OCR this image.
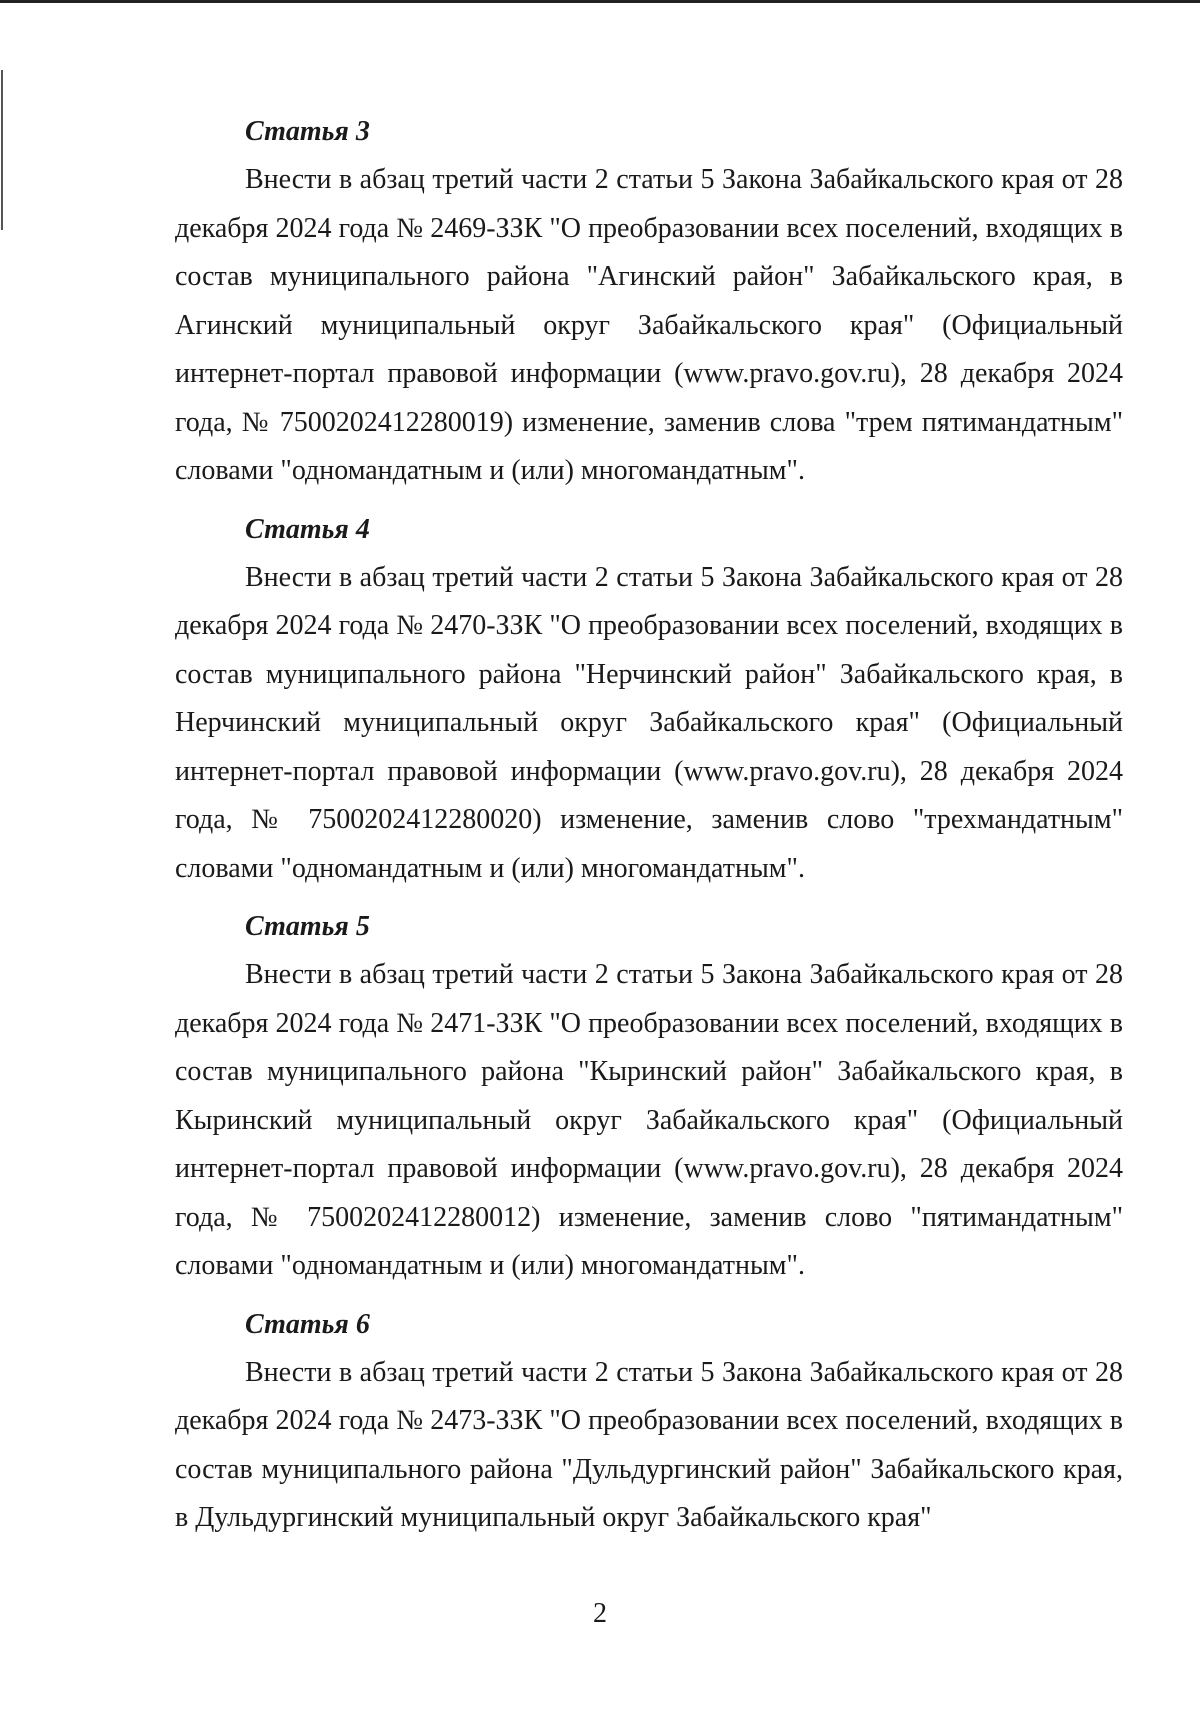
Статья 3

Внести в абзац третий части 2 статьи 5 Закона Забайкальского края от 28 декабря 2024 года № 2469-ЗЗК "О преобразовании всех поселений, входящих в состав муниципального района "Агинский район" Забайкальского края, в Агинский муниципальный округ Забайкальского края" (Официальный интернет-портал правовой информации (www.pravo.gov.ru), 28 декабря 2024 года, № 7500202412280019) изменение, заменив слова "трем пятимандатным" словами "одномандатным и (или) многомандатным".

Статья 4

Внести в абзац третий части 2 статьи 5 Закона Забайкальского края от 28 декабря 2024 года № 2470-ЗЗК "О преобразовании всех поселений, входящих в состав муниципального района "Нерчинский район" Забайкальского края, в Нерчинский муниципальный округ Забайкальского края" (Официальный интернет-портал правовой информации (www.pravo.gov.ru), 28 декабря 2024 года, № 7500202412280020) изменение, заменив слово "трехмандатным" словами "одномандатным и (или) многомандатным".

Статья 5

Внести в абзац третий части 2 статьи 5 Закона Забайкальского края от 28 декабря 2024 года № 2471-ЗЗК "О преобразовании всех поселений, входящих в состав муниципального района "Кыринский район" Забайкальского края, в Кыринский муниципальный округ Забайкальского края" (Официальный интернет-портал правовой информации (www.pravo.gov.ru), 28 декабря 2024 года, № 7500202412280012) изменение, заменив слово "пятимандатным" словами "одномандатным и (или) многомандатным".

Статья 6

Внести в абзац третий части 2 статьи 5 Закона Забайкальского края от 28 декабря 2024 года № 2473-ЗЗК "О преобразовании всех поселений, входящих в состав муниципального района "Дульдургинский район" Забайкальского края, в Дульдургинский муниципальный округ Забайкальского края"

2
